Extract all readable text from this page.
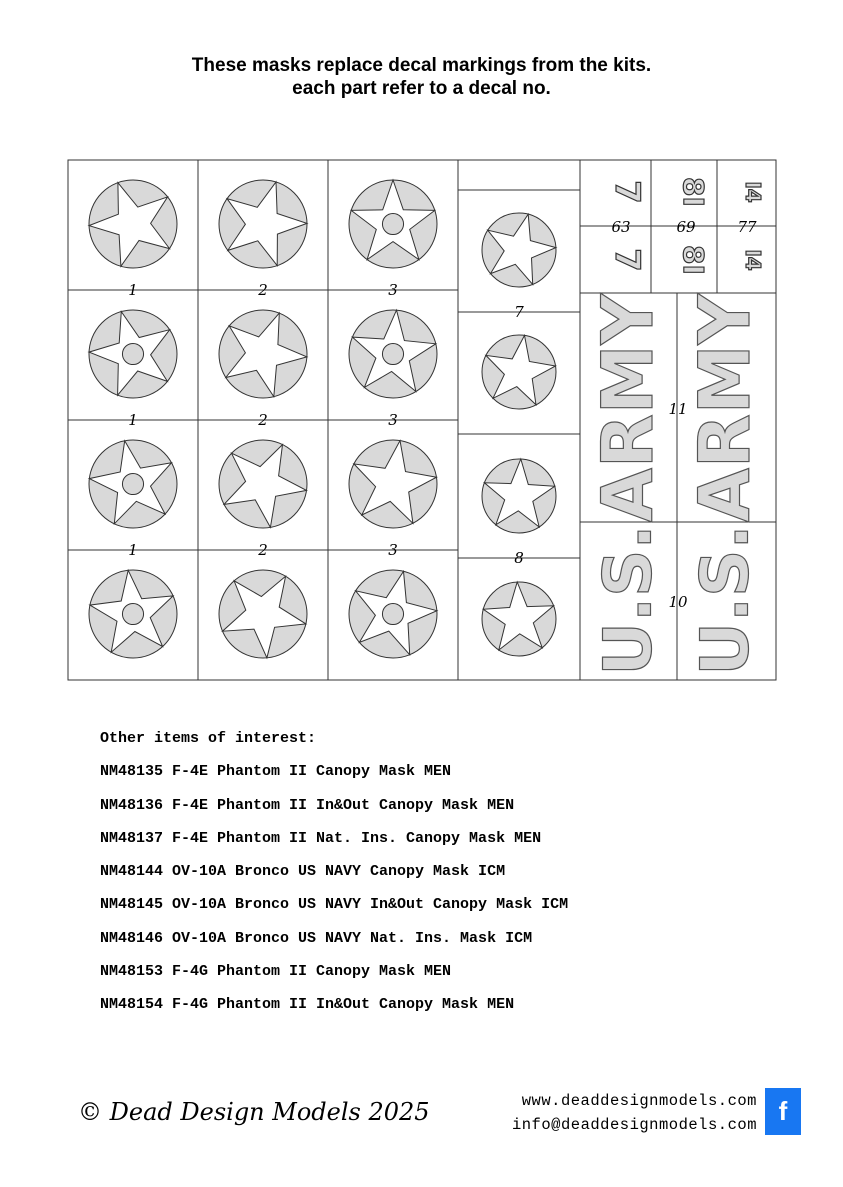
These masks replace decal markings from the kits.
each part refer to a decal no.
7
7
8I
8I
I4
I4
ARMY ARMY
U.S. U.S.
1	2	3
1	2	3
1	2	3
7
8
63	69	77
11
10
Other items of interest:
NM48135 F-4E Phantom II Canopy Mask MEN
NM48136 F-4E Phantom II In&Out Canopy Mask MEN
NM48137 F-4E Phantom II Nat. Ins. Canopy Mask MEN
NM48144 OV-10A Bronco US NAVY Canopy Mask ICM
NM48145 OV-10A Bronco US NAVY In&Out Canopy Mask ICM
NM48146 OV-10A Bronco US NAVY Nat. Ins. Mask ICM
NM48153 F-4G Phantom II Canopy Mask MEN
NM48154 F-4G Phantom II In&Out Canopy Mask MEN
© Dead Design Models 2025	www.deaddesignmodels.com
info@deaddesignmodels.com f
